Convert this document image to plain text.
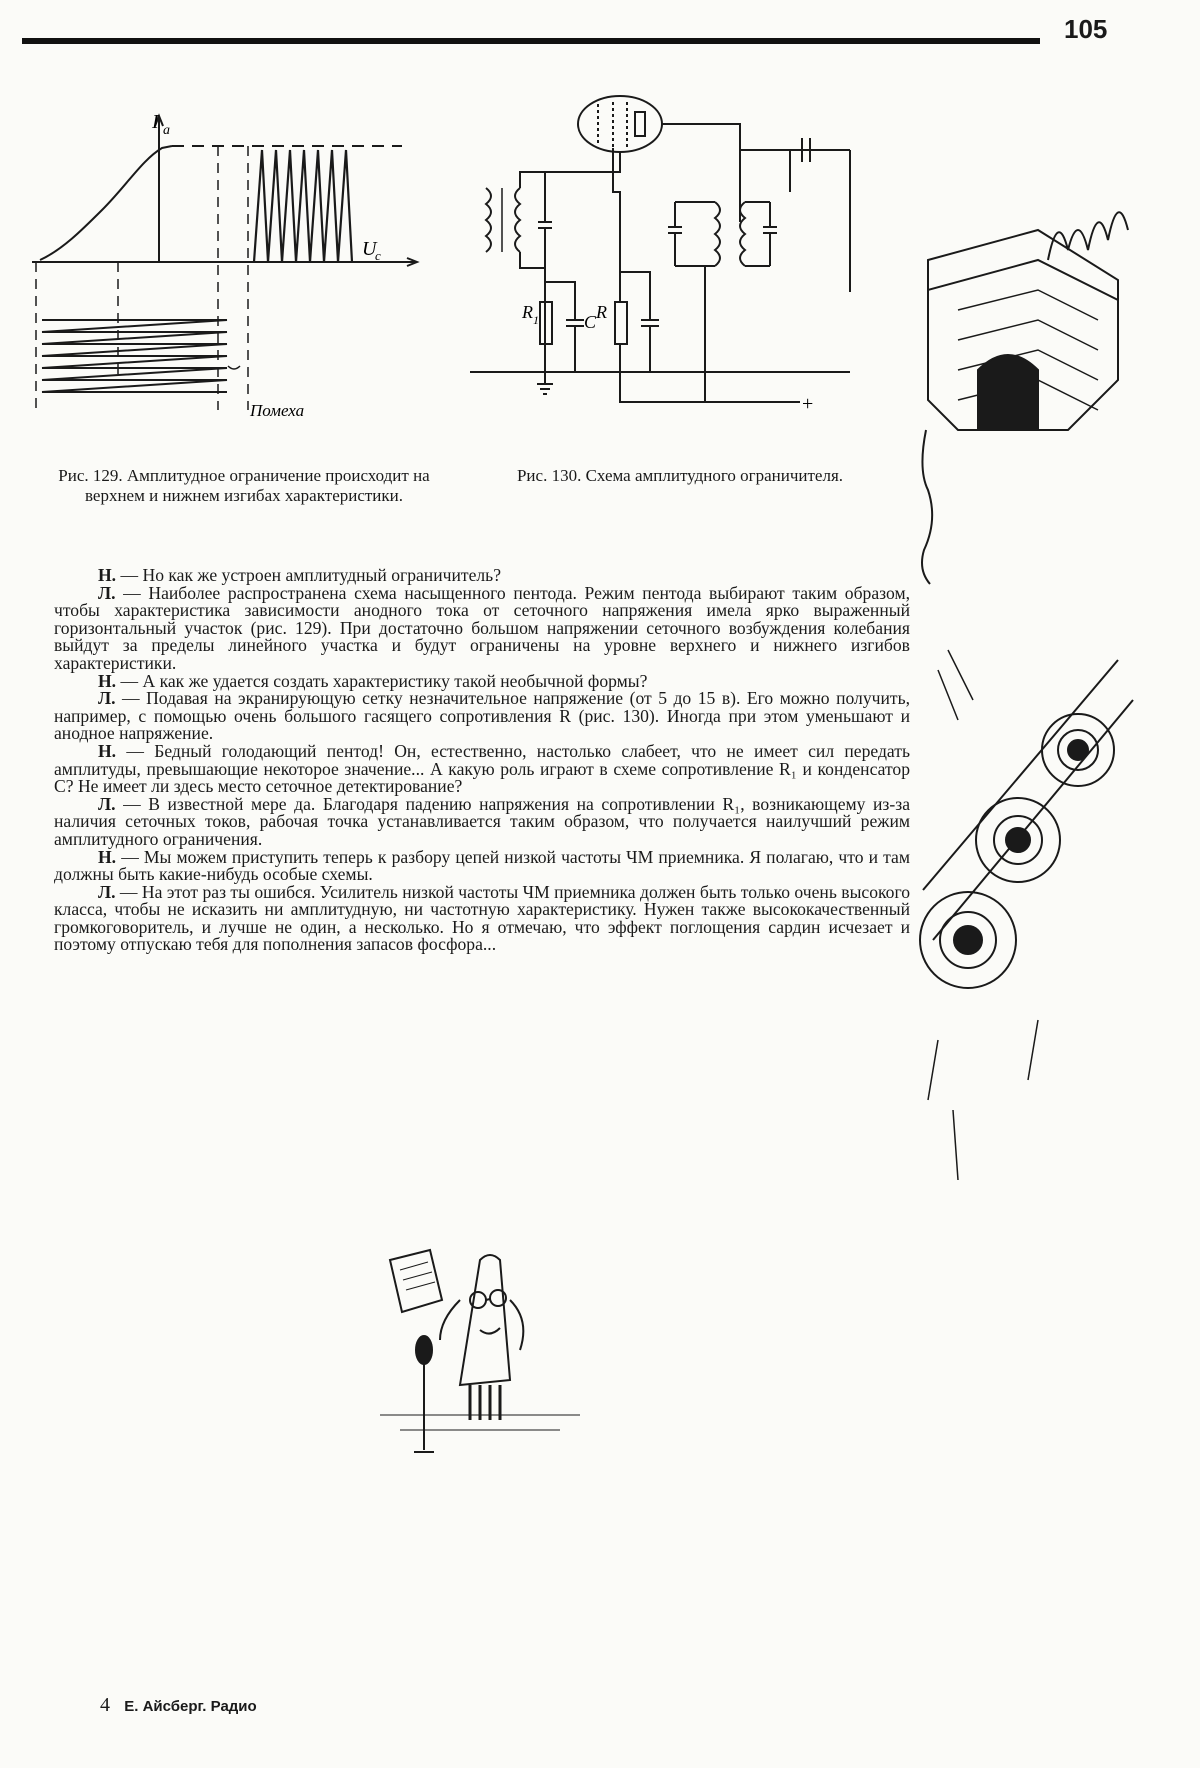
105
I a
U
c
Помеха
Рис. 129. Амплитудное ограничение происходит на верхнем и нижнем изгибах характеристики.
R 1	C R
+
Рис. 130. Схема амплитудного ограничителя.

Н. — Но как же устроен амплитудный ограничитель?

Л. — Наиболее распространена схема насыщенного пентода. Режим пентода выбирают таким образом, чтобы характеристика зависимости анодного тока от сеточного напряжения имела ярко выраженный горизонтальный участок (рис. 129). При достаточно большом напряжении сеточного возбуждения колебания выйдут за пределы линейного участка и будут ограничены на уровне верхнего и нижнего изгибов характеристики.

Н. — А как же удается создать характеристику такой необычной формы?

Л. — Подавая на экранирующую сетку незначительное напряжение (от 5 до 15 в). Его можно получить, например, с помощью очень большого гасящего сопротивления R (рис. 130). Иногда при этом уменьшают и анодное напряжение.

Н. — Бедный голодающий пентод! Он, естественно, настолько слабеет, что не имеет сил передать амплитуды, превышающие некоторое значение... А какую роль играют в схеме сопротивление R₁ и конденсатор C? Не имеет ли здесь место сеточное детектирование?

Л. — В известной мере да. Благодаря падению напряжения на сопротивлении R₁, возникающему из-за наличия сеточных токов, рабочая точка устанавливается таким образом, что получается наилучший режим амплитудного ограничения.

Н. — Мы можем приступить теперь к разбору цепей низкой частоты ЧМ приемника. Я полагаю, что и там должны быть какие-нибудь особые схемы.

Л. — На этот раз ты ошибся. Усилитель низкой частоты ЧМ приемника должен быть только очень высокого класса, чтобы не исказить ни амплитудную, ни частотную характеристику. Нужен также высококачественный громкоговоритель, и лучше не один, а несколько. Но я отмечаю, что эффект поглощения сардин исчезает и поэтому отпускаю тебя для пополнения запасов фосфора...

4 Е. Айсберг. Радио
